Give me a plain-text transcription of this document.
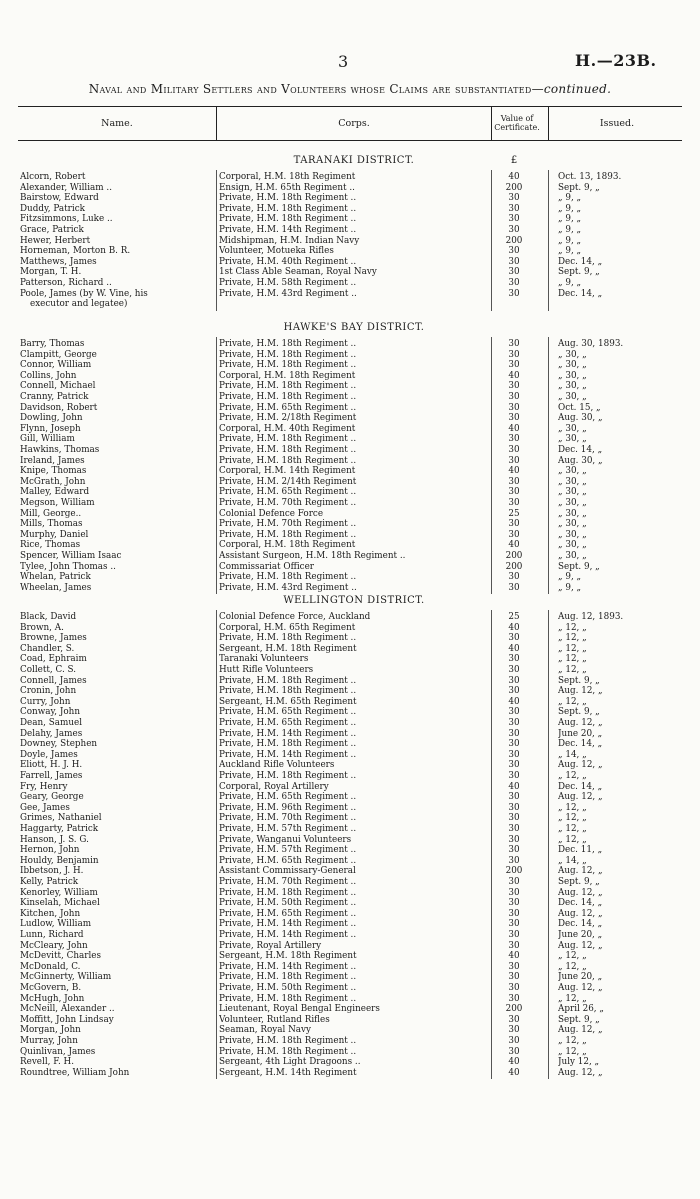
3	H.—23B.
Naval and Military Settlers and Volunteers whose Claims are substantiated—continued.
Name.	Corps.	Value of Certificate.	Issued.
TARANAKI DISTRICT.	£
Alcorn, Robert	Corporal, H.M. 18th Regiment	40	Oct. 13, 1893.
Alexander, William ..	Ensign, H.M. 65th Regiment ..	200	Sept. 9, „
Bairstow, Edward	Private, H.M. 18th Regiment ..	30	„ 9, „
Duddy, Patrick	Private, H.M. 18th Regiment ..	30	„ 9, „
Fitzsimmons, Luke ..	Private, H.M. 18th Regiment ..	30	„ 9, „
Grace, Patrick	Private, H.M. 14th Regiment ..	30	„ 9, „
Hewer, Herbert	Midshipman, H.M. Indian Navy	200	„ 9, „
Horneman, Morton B. R.	Volunteer, Motueka Rifles	30	„ 9, „
Matthews, James	Private, H.M. 40th Regiment ..	30	Dec. 14, „
Morgan, T. H.	1st Class Able Seaman, Royal Navy	30	Sept. 9, „
Patterson, Richard ..	Private, H.M. 58th Regiment ..	30	„ 9, „
Poole, James (by W. Vine, his	Private, H.M. 43rd Regiment ..	30	Dec. 14, „
executor and legatee)
HAWKE'S BAY DISTRICT.
Barry, Thomas	Private, H.M. 18th Regiment ..	30	Aug. 30, 1893.
Clampitt, George	Private, H.M. 18th Regiment ..	30	„ 30, „
Connor, William	Private, H.M. 18th Regiment ..	30	„ 30, „
Collins, John	Corporal, H.M. 18th Regiment	40	„ 30, „
Connell, Michael	Private, H.M. 18th Regiment ..	30	„ 30, „
Cranny, Patrick	Private, H.M. 18th Regiment ..	30	„ 30, „
Davidson, Robert	Private, H.M. 65th Regiment ..	30	Oct. 15, „
Dowling, John	Private, H.M. 2/18th Regiment	30	Aug. 30, „
Flynn, Joseph	Corporal, H.M. 40th Regiment	40	„ 30, „
Gill, William	Private, H.M. 18th Regiment ..	30	„ 30, „
Hawkins, Thomas	Private, H.M. 18th Regiment ..	30	Dec. 14, „
Ireland, James	Private, H.M. 18th Regiment ..	30	Aug. 30, „
Knipe, Thomas	Corporal, H.M. 14th Regiment	40	„ 30, „
McGrath, John	Private, H.M. 2/14th Regiment	30	„ 30, „
Malley, Edward	Private, H.M. 65th Regiment ..	30	„ 30, „
Megson, William	Private, H.M. 70th Regiment ..	30	„ 30, „
Mill, George..	Colonial Defence Force	25	„ 30, „
Mills, Thomas	Private, H.M. 70th Regiment ..	30	„ 30, „
Murphy, Daniel	Private, H.M. 18th Regiment ..	30	„ 30, „
Rice, Thomas	Corporal, H.M. 18th Regiment	40	„ 30, „
Spencer, William Isaac	Assistant Surgeon, H.M. 18th Regiment ..	200	„ 30, „
Tylee, John Thomas ..	Commissariat Officer	200	Sept. 9, „
Whelan, Patrick	Private, H.M. 18th Regiment ..	30	„ 9, „
Wheelan, James	Private, H.M. 43rd Regiment ..	30	„ 9, „
WELLINGTON DISTRICT.
Black, David	Colonial Defence Force, Auckland	25	Aug. 12, 1893.
Brown, A.	Corporal, H.M. 65th Regiment	40	„ 12, „
Browne, James	Private, H.M. 18th Regiment ..	30	„ 12, „
Chandler, S.	Sergeant, H.M. 18th Regiment	40	„ 12, „
Coad, Ephraim	Taranaki Volunteers	30	„ 12, „
Collett, C. S.	Hutt Rifle Volunteers	30	„ 12, „
Connell, James	Private, H.M. 18th Regiment ..	30	Sept. 9, „
Cronin, John	Private, H.M. 18th Regiment ..	30	Aug. 12, „
Curry, John	Sergeant, H.M. 65th Regiment	40	„ 12, „
Conway, John	Private, H.M. 65th Regiment ..	30	Sept. 9, „
Dean, Samuel	Private, H.M. 65th Regiment ..	30	Aug. 12, „
Delahy, James	Private, H.M. 14th Regiment ..	30	June 20, „
Downey, Stephen	Private, H.M. 18th Regiment ..	30	Dec. 14, „
Doyle, James	Private, H.M. 14th Regiment ..	30	„ 14, „
Eliott, H. J. H.	Auckland Rifle Volunteers	30	Aug. 12, „
Farrell, James	Private, H.M. 18th Regiment ..	30	„ 12, „
Fry, Henry	Corporal, Royal Artillery	40	Dec. 14, „
Geary, George	Private, H.M. 65th Regiment ..	30	Aug. 12, „
Gee, James	Private, H.M. 96th Regiment ..	30	„ 12, „
Grimes, Nathaniel	Private, H.M. 70th Regiment ..	30	„ 12, „
Haggarty, Patrick	Private, H.M. 57th Regiment ..	30	„ 12, „
Hanson, J. S. G.	Private, Wanganui Volunteers	30	„ 12, „
Hernon, John	Private, H.M. 57th Regiment ..	30	Dec. 11, „
Houldy, Benjamin	Private, H.M. 65th Regiment ..	30	„ 14, „
Ibbetson, J. H.	Assistant Commissary-General	200	Aug. 12, „
Kelly, Patrick	Private, H.M. 70th Regiment ..	30	Sept. 9, „
Kenorley, William	Private, H.M. 18th Regiment ..	30	Aug. 12, „
Kinselah, Michael	Private, H.M. 50th Regiment ..	30	Dec. 14, „
Kitchen, John	Private, H.M. 65th Regiment ..	30	Aug. 12, „
Ludlow, William	Private, H.M. 14th Regiment ..	30	Dec. 14, „
Lunn, Richard	Private, H.M. 14th Regiment ..	30	June 20, „
McCleary, John	Private, Royal Artillery	30	Aug. 12, „
McDevitt, Charles	Sergeant, H.M. 18th Regiment	40	„ 12, „
McDonald, C.	Private, H.M. 14th Regiment ..	30	„ 12, „
McGinnerty, William	Private, H.M. 18th Regiment ..	30	June 20, „
McGovern, B.	Private, H.M. 50th Regiment ..	30	Aug. 12, „
McHugh, John	Private, H.M. 18th Regiment ..	30	„ 12, „
McNeill, Alexander ..	Lieutenant, Royal Bengal Engineers	200	April 26, „
Moffitt, John Lindsay	Volunteer, Rutland Rifles	30	Sept. 9, „
Morgan, John	Seaman, Royal Navy	30	Aug. 12, „
Murray, John	Private, H.M. 18th Regiment ..	30	„ 12, „
Quinlivan, James	Private, H.M. 18th Regiment ..	30	„ 12, „
Revell, F. H.	Sergeant, 4th Light Dragoons ..	40	July 12, „
Roundtree, William John	Sergeant, H.M. 14th Regiment	40	Aug. 12, „
